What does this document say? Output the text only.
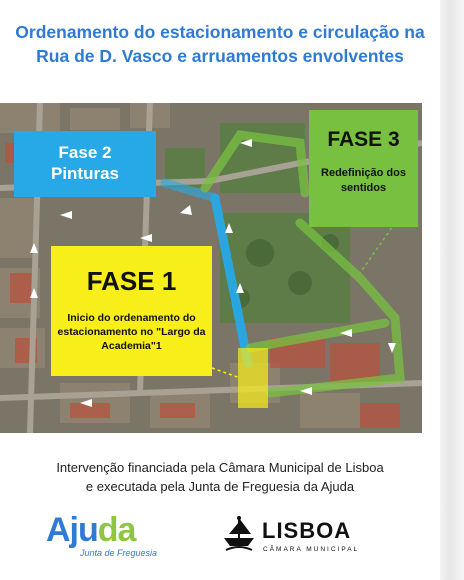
Ordenamento do estacionamento e circulação na
Rua de D. Vasco e arruamentos envolventes
Fase 2
Pinturas
FASE 3
Redefinição dos sentidos
FASE 1
Inicio do ordenamento do estacionamento no "Largo da Academia"1
Intervenção financiada pela Câmara Municipal de Lisboa
e executada pela Junta de Freguesia da Ajuda
Ajuda
Junta de Freguesia
LISBOA
CÂMARA MUNICIPAL
